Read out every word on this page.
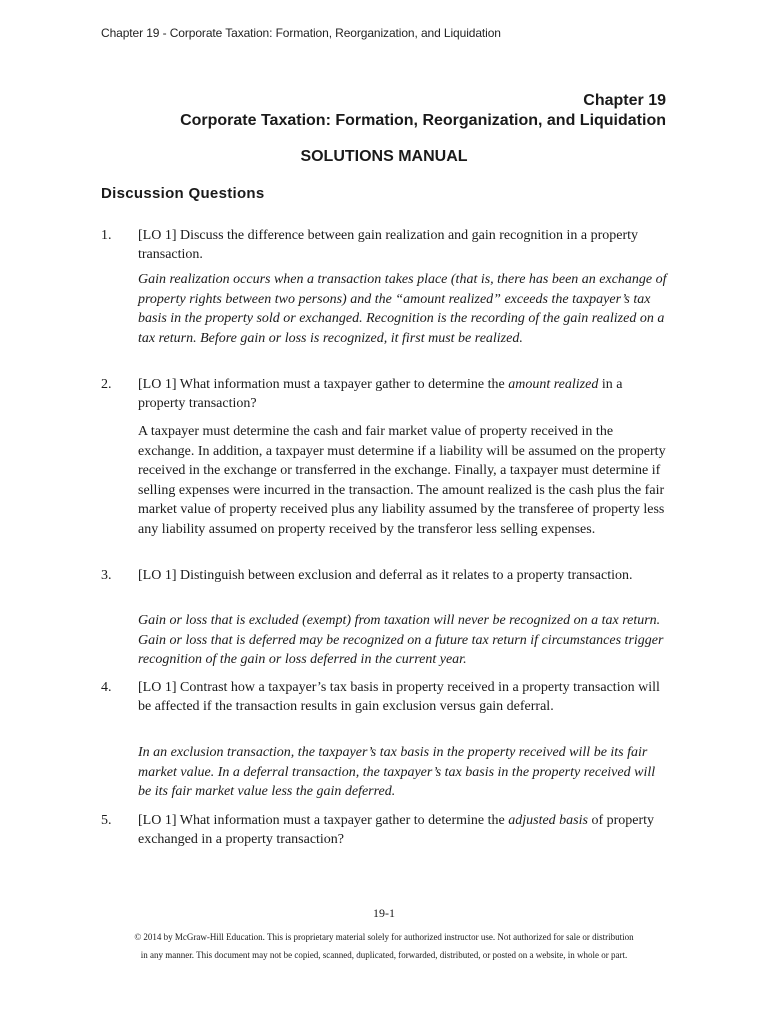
Chapter 19 - Corporate Taxation: Formation, Reorganization, and Liquidation
Chapter 19
Corporate Taxation: Formation, Reorganization, and Liquidation
SOLUTIONS MANUAL
Discussion Questions
1. [LO 1] Discuss the difference between gain realization and gain recognition in a property transaction.
Gain realization occurs when a transaction takes place (that is, there has been an exchange of property rights between two persons) and the “amount realized” exceeds the taxpayer’s tax basis in the property sold or exchanged. Recognition is the recording of the gain realized on a tax return. Before gain or loss is recognized, it first must be realized.
2. [LO 1] What information must a taxpayer gather to determine the amount realized in a property transaction?
A taxpayer must determine the cash and fair market value of property received in the exchange. In addition, a taxpayer must determine if a liability will be assumed on the property received in the exchange or transferred in the exchange. Finally, a taxpayer must determine if selling expenses were incurred in the transaction. The amount realized is the cash plus the fair market value of property received plus any liability assumed by the transferee of property less any liability assumed on property received by the transferor less selling expenses.
3. [LO 1] Distinguish between exclusion and deferral as it relates to a property transaction.
Gain or loss that is excluded (exempt) from taxation will never be recognized on a tax return. Gain or loss that is deferred may be recognized on a future tax return if circumstances trigger recognition of the gain or loss deferred in the current year.
4. [LO 1] Contrast how a taxpayer’s tax basis in property received in a property transaction will be affected if the transaction results in gain exclusion versus gain deferral.
In an exclusion transaction, the taxpayer’s tax basis in the property received will be its fair market value. In a deferral transaction, the taxpayer’s tax basis in the property received will be its fair market value less the gain deferred.
5. [LO 1] What information must a taxpayer gather to determine the adjusted basis of property exchanged in a property transaction?
19-1
© 2014 by McGraw-Hill Education. This is proprietary material solely for authorized instructor use. Not authorized for sale or distribution
in any manner. This document may not be copied, scanned, duplicated, forwarded, distributed, or posted on a website, in whole or part.
